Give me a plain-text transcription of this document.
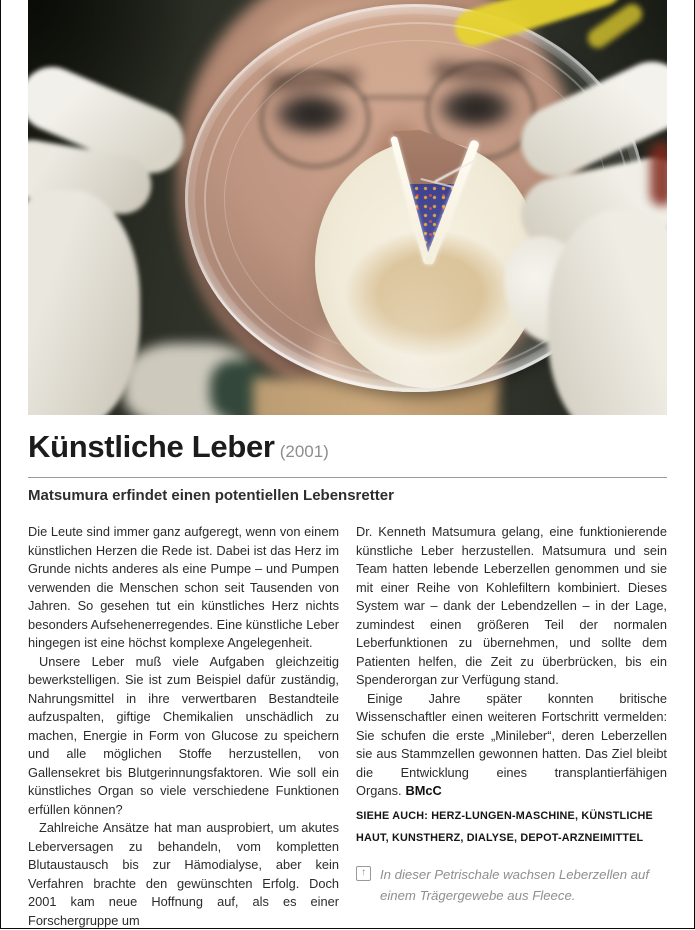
Künstliche Leber (2001)
Matsumura erfindet einen potentiellen Lebensretter

Die Leute sind immer ganz aufgeregt, wenn von einem künstlichen Herzen die Rede ist. Dabei ist das Herz im Grunde nichts anderes als eine Pumpe – und Pumpen verwenden die Menschen schon seit Tausenden von Jahren. So gesehen tut ein künstliches Herz nichts besonders Aufsehenerregendes. Eine künstliche Leber hingegen ist eine höchst komplexe Angelegenheit.

Unsere Leber muß viele Aufgaben gleichzeitig bewerkstelligen. Sie ist zum Beispiel dafür zuständig, Nahrungsmittel in ihre verwertbaren Bestandteile aufzuspalten, giftige Chemikalien unschädlich zu machen, Energie in Form von Glucose zu speichern und alle möglichen Stoffe herzustellen, von Gallensekret bis Blutgerinnungsfaktoren. Wie soll ein künstliches Organ so viele verschiedene Funktionen erfüllen können?

Zahlreiche Ansätze hat man ausprobiert, um akutes Leberversagen zu behandeln, vom kompletten Blutaustausch bis zur Hämodialyse, aber kein Verfahren brachte den gewünschten Erfolg. Doch 2001 kam neue Hoffnung auf, als es einer Forschergruppe um

Dr. Kenneth Matsumura gelang, eine funktionierende künstliche Leber herzustellen. Matsumura und sein Team hatten lebende Leberzellen genommen und sie mit einer Reihe von Kohlefiltern kombiniert. Dieses System war – dank der Lebendzellen – in der Lage, zumindest einen größeren Teil der normalen Leberfunktionen zu übernehmen, und sollte dem Patienten helfen, die Zeit zu überbrücken, bis ein Spenderorgan zur Verfügung stand.

Einige Jahre später konnten britische Wissenschaftler einen weiteren Fortschritt vermelden: Sie schufen die erste „Minileber“, deren Leberzellen sie aus Stammzellen gewonnen hatten. Das Ziel bleibt die Entwicklung eines transplantierfähigen Organs. BMcC

SIEHE AUCH: HERZ-LUNGEN-MASCHINE, KÜNSTLICHE HAUT, KUNSTHERZ, DIALYSE, DEPOT-ARZNEIMITTEL

↑	In dieser Petrischale wachsen Leberzellen auf einem Trägergewebe aus Fleece.
